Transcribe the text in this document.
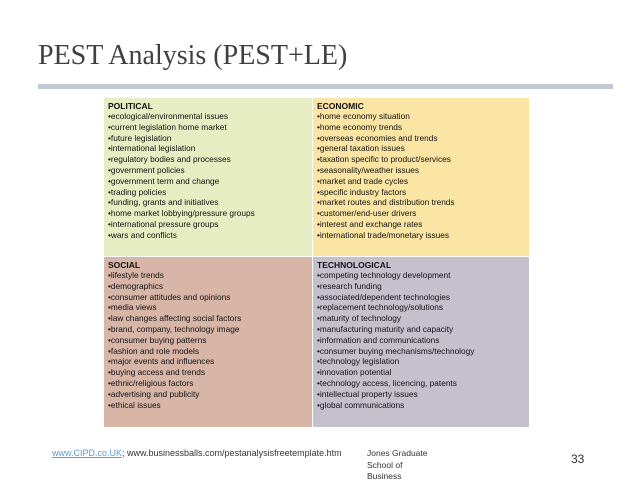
PEST Analysis (PEST+LE)
POLITICAL
•ecological/environmental issues
•current legislation home market
•future legislation
•international legislation
•regulatory bodies and processes
•government policies
•government term and change
•trading policies
•funding, grants and initiatives
•home market lobbying/pressure groups
•international pressure groups
•wars and conflicts
ECONOMIC
•home economy situation
•home economy trends
•overseas economies and trends
•general taxation issues
•taxation specific to product/services
•seasonality/weather issues
•market and trade cycles
•specific industry factors
•market routes and distribution trends
•customer/end-user drivers
•interest and exchange rates
•international trade/monetary issues
SOCIAL
•lifestyle trends
•demographics
•consumer attitudes and opinions
•media views
•law changes affecting social factors
•brand, company, technology image
•consumer buying patterns
•fashion and role models
•major events and influences
•buying access and trends
•ethnic/religious factors
•advertising and publicity
•ethical issues
TECHNOLOGICAL
•competing technology development
•research funding
•associated/dependent technologies
•replacement technology/solutions
•maturity of technology
•manufacturing maturity and capacity
•information and communications
•consumer buying mechanisms/technology
•technology legislation
•innovation potential
•technology access, licencing, patents
•intellectual property issues
•global communications
www.CIPD.co.UK; www.businessballs.com/pestanalysisfreetemplate.htm	Jones Graduate
School of
Business
33
